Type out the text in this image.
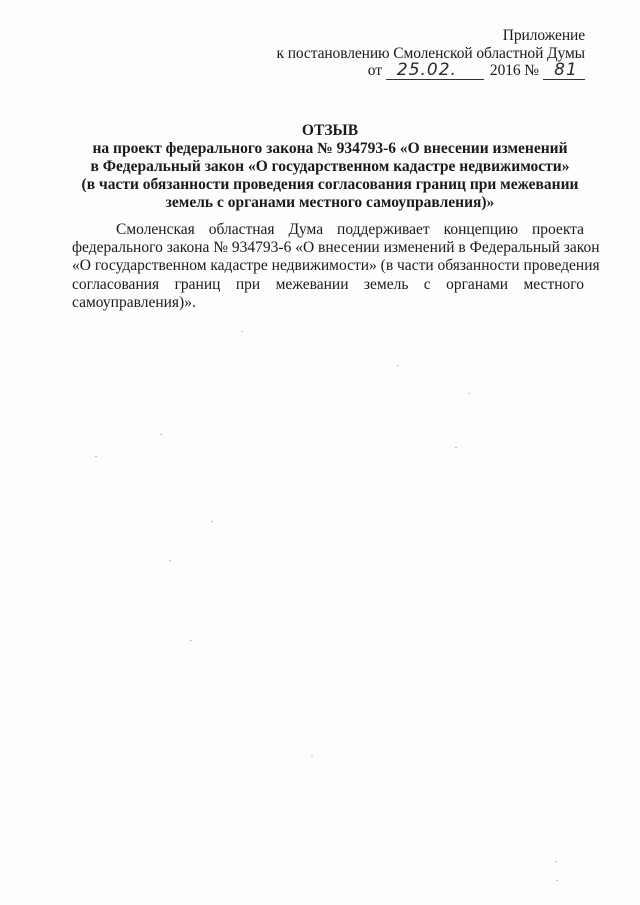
Приложение
к постановлению Смоленской областной Думы
от 25.02.	2016 № 81
ОТЗЫВ
на проект федерального закона № 934793-6 «О внесении изменений
в Федеральный закон «О государственном кадастре недвижимости»
(в части обязанности проведения согласования границ при межевании
земель с органами местного самоуправления)»
Смоленская областная Дума поддерживает концепцию проекта
федерального закона № 934793-6 «О внесении изменений в Федеральный закон
«О государственном кадастре недвижимости» (в части обязанности проведения
согласования границ при межевании земель с органами местного
самоуправления)».
